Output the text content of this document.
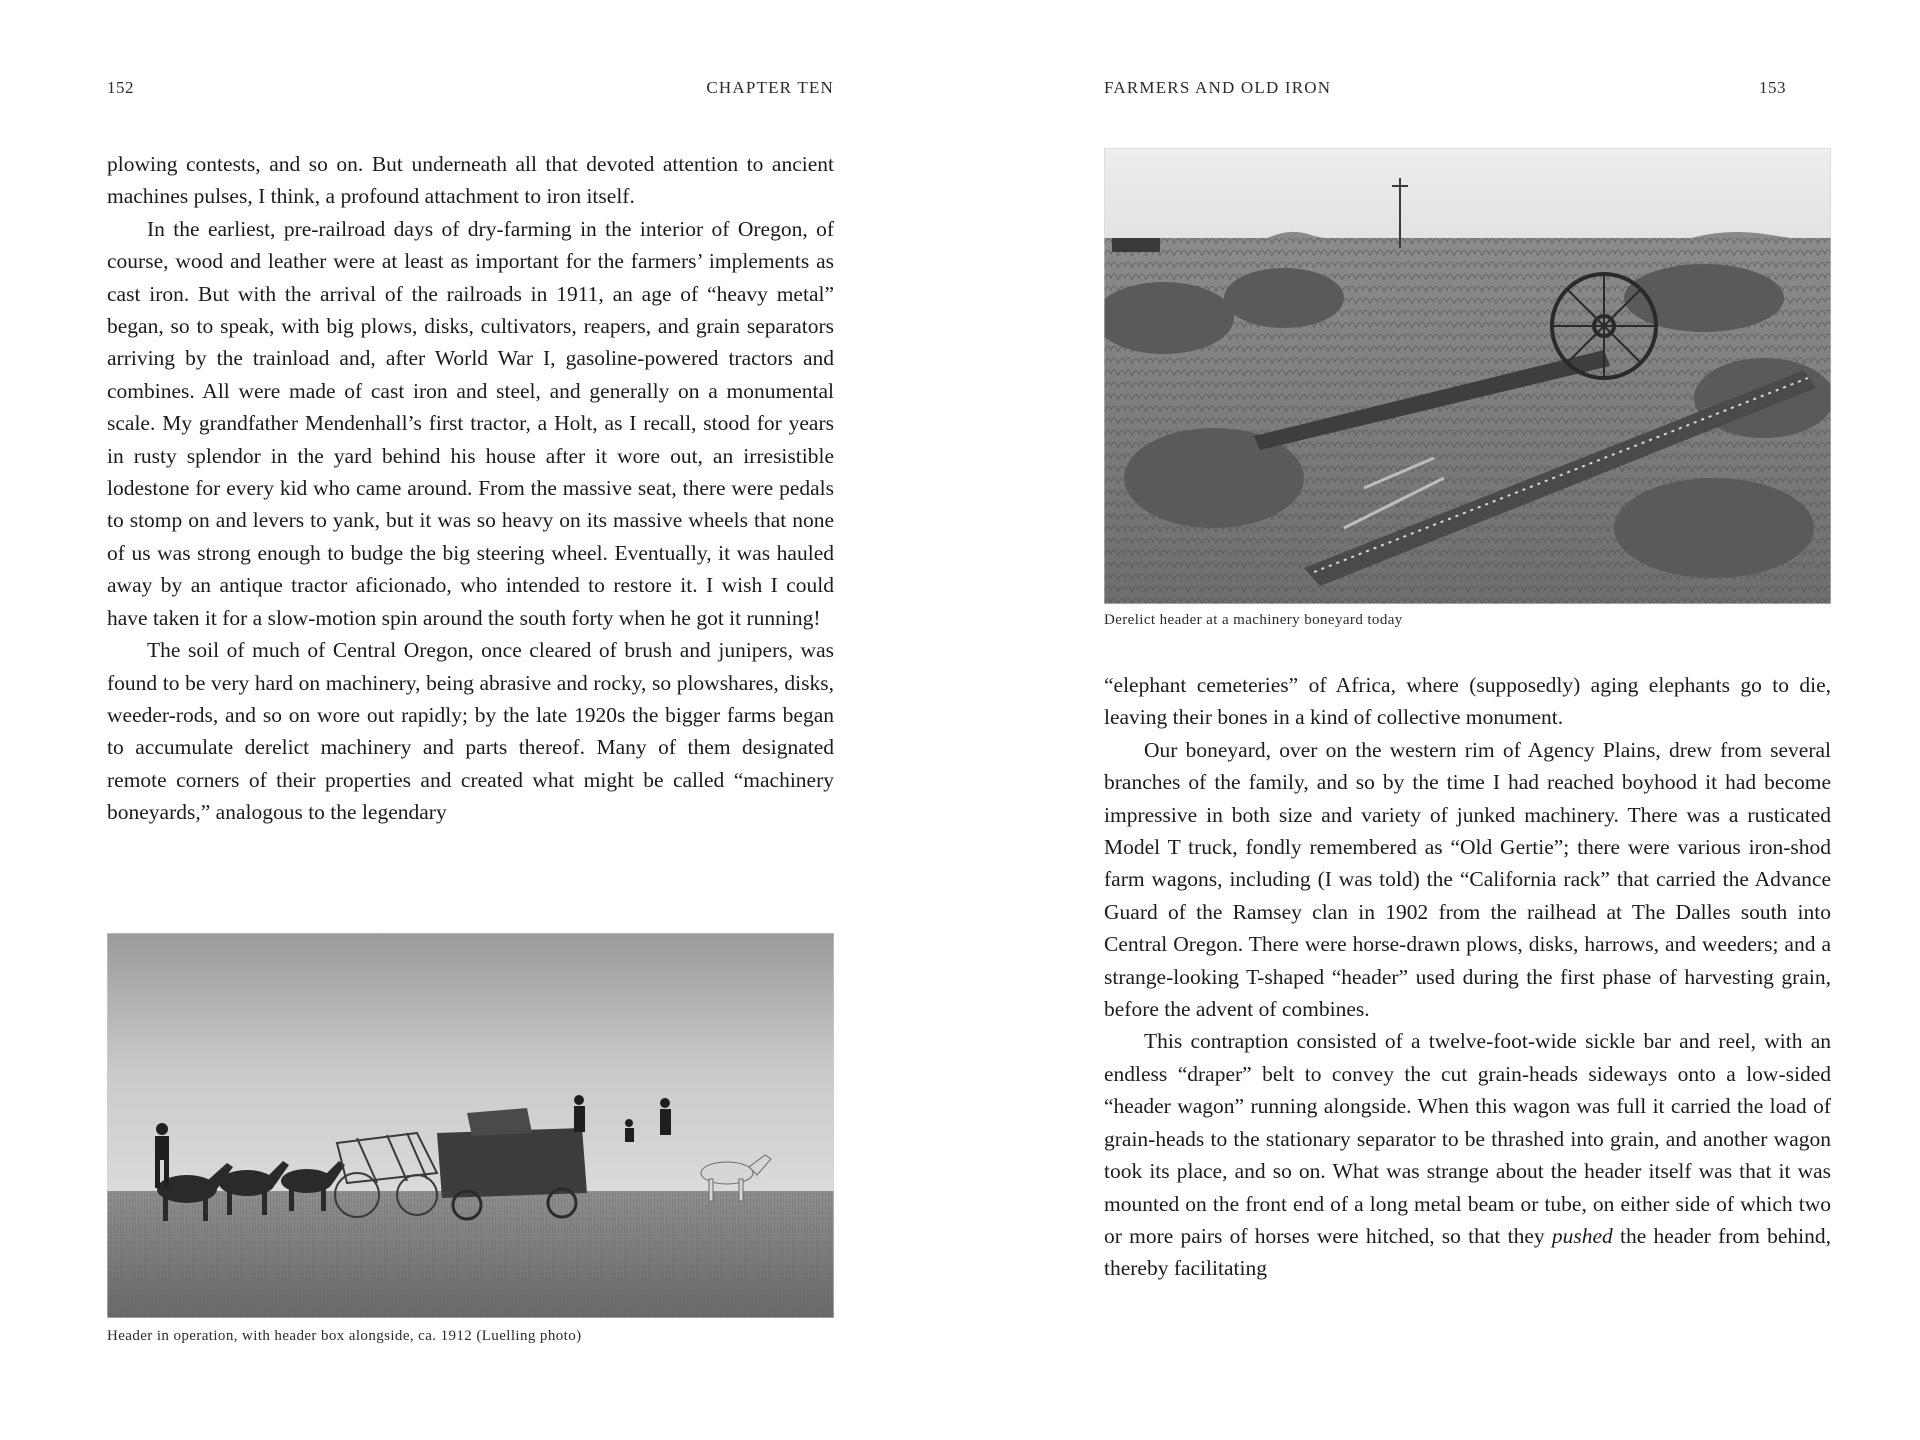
152	CHAPTER TEN

plowing contests, and so on. But underneath all that devoted attention to ancient machines pulses, I think, a profound attachment to iron itself.

In the earliest, pre-railroad days of dry-farming in the interior of Oregon, of course, wood and leather were at least as important for the farmers’ implements as cast iron. But with the arrival of the railroads in 1911, an age of “heavy metal” began, so to speak, with big plows, disks, cultivators, reapers, and grain separators arriving by the trainload and, after World War I, gasoline-powered tractors and combines. All were made of cast iron and steel, and generally on a monumental scale. My grandfather Mendenhall’s first tractor, a Holt, as I recall, stood for years in rusty splendor in the yard behind his house after it wore out, an irresistible lodestone for every kid who came around. From the massive seat, there were pedals to stomp on and levers to yank, but it was so heavy on its massive wheels that none of us was strong enough to budge the big steering wheel. Eventually, it was hauled away by an antique tractor aficionado, who intended to restore it. I wish I could have taken it for a slow-motion spin around the south forty when he got it running!

The soil of much of Central Oregon, once cleared of brush and junipers, was found to be very hard on machinery, being abrasive and rocky, so plowshares, disks, weeder-rods, and so on wore out rapidly; by the late 1920s the bigger farms began to accumulate derelict machinery and parts thereof. Many of them designated remote corners of their properties and created what might be called “machinery boneyards,” analogous to the legendary

Header in operation, with header box alongside, ca. 1912 (Luelling photo)
FARMERS AND OLD IRON	153
Derelict header at a machinery boneyard today

“elephant cemeteries” of Africa, where (supposedly) aging elephants go to die, leaving their bones in a kind of collective monument.

Our boneyard, over on the western rim of Agency Plains, drew from several branches of the family, and so by the time I had reached boyhood it had become impressive in both size and variety of junked machinery. There was a rusticated Model T truck, fondly remembered as “Old Gertie”; there were various iron-shod farm wagons, including (I was told) the “California rack” that carried the Advance Guard of the Ramsey clan in 1902 from the railhead at The Dalles south into Central Oregon. There were horse-drawn plows, disks, harrows, and weeders; and a strange-looking T-shaped “header” used during the first phase of harvesting grain, before the advent of combines.

This contraption consisted of a twelve-foot-wide sickle bar and reel, with an endless “draper” belt to convey the cut grain-heads sideways onto a low-sided “header wagon” running alongside. When this wagon was full it carried the load of grain-heads to the stationary separator to be thrashed into grain, and another wagon took its place, and so on. What was strange about the header itself was that it was mounted on the front end of a long metal beam or tube, on either side of which two or more pairs of horses were hitched, so that they pushed the header from behind, thereby facilitating
